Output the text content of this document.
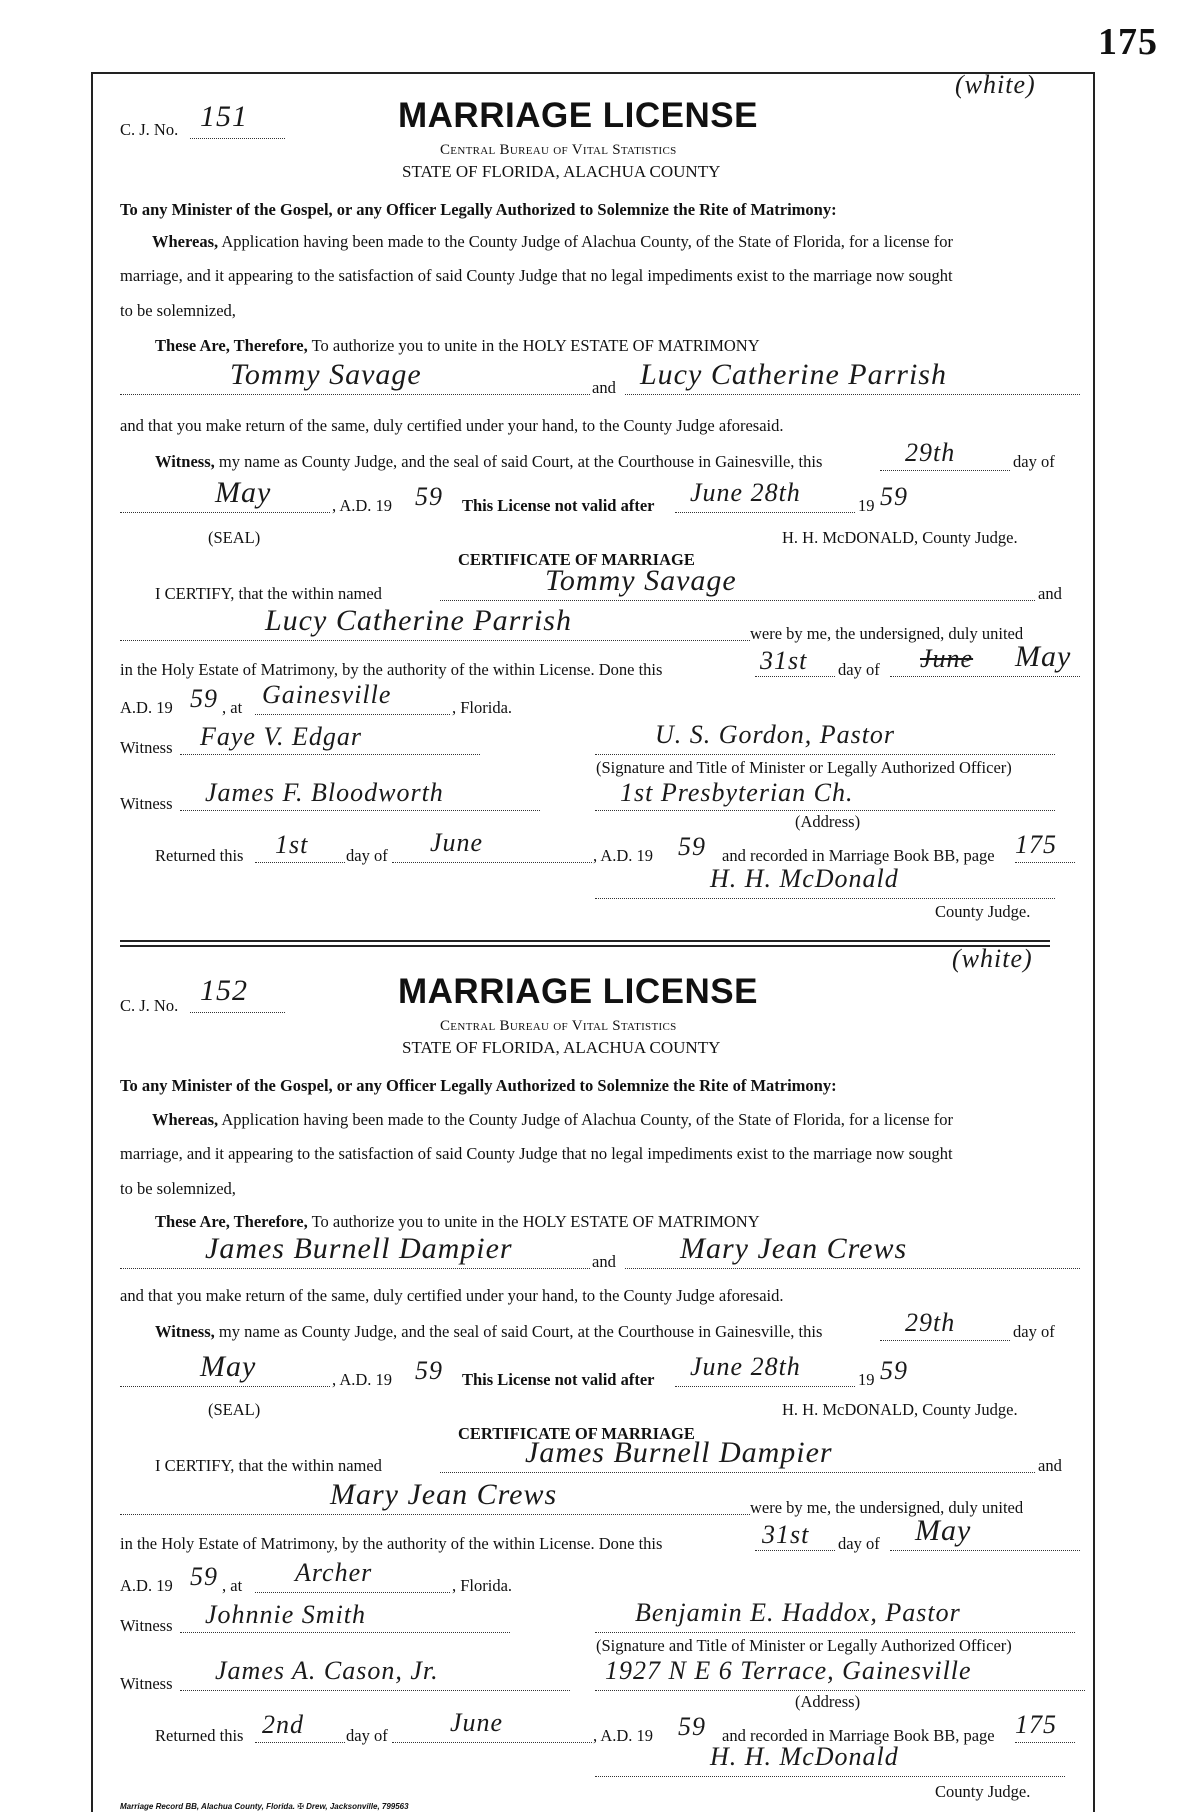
175
(white)
C. J. No. 151	MARRIAGE LICENSE
Central Bureau of Vital Statistics
STATE OF FLORIDA, ALACHUA COUNTY
To any Minister of the Gospel, or any Officer Legally Authorized to Solemnize the Rite of Matrimony:
Whereas, Application having been made to the County Judge of Alachua County, of the State of Florida, for a license for
marriage, and it appearing to the satisfaction of said County Judge that no legal impediments exist to the marriage now sought
to be solemnized,
These Are, Therefore, To authorize you to unite in the HOLY ESTATE OF MATRIMONY
Tommy Savage	and Lucy Catherine Parrish
and that you make return of the same, duly certified under your hand, to the County Judge aforesaid.
Witness, my name as County Judge, and the seal of said Court, at the Courthouse in Gainesville, this	29th	day of
May	, A.D. 19 59 This License not valid after June 28th	19 59
(SEAL)	H. H. McDONALD, County Judge.
CERTIFICATE OF MARRIAGE
I CERTIFY, that the within named	Tommy Savage	and
Lucy Catherine Parrish	were by me, the undersigned, duly united
in the Holy Estate of Matrimony, by the authority of the within License. Done this	31st day of June May
A.D. 19 59 , at Gainesville	, Florida.
Witness Faye V. Edgar	U. S. Gordon, Pastor
(Signature and Title of Minister or Legally Authorized Officer)
Witness James F. Bloodworth	1st Presbyterian Ch.
(Address)
Returned this 1st day of June	, A.D. 19 59 and recorded in Marriage Book BB, page 175
H. H. McDonald
County Judge.
(white)
C. J. No. 152	MARRIAGE LICENSE
Central Bureau of Vital Statistics
STATE OF FLORIDA, ALACHUA COUNTY
To any Minister of the Gospel, or any Officer Legally Authorized to Solemnize the Rite of Matrimony:
Whereas, Application having been made to the County Judge of Alachua County, of the State of Florida, for a license for
marriage, and it appearing to the satisfaction of said County Judge that no legal impediments exist to the marriage now sought
to be solemnized,
These Are, Therefore, To authorize you to unite in the HOLY ESTATE OF MATRIMONY
James Burnell Dampier	and Mary Jean Crews
and that you make return of the same, duly certified under your hand, to the County Judge aforesaid.
Witness, my name as County Judge, and the seal of said Court, at the Courthouse in Gainesville, this	29th	day of
May	, A.D. 19 59 This License not valid after June 28th	19 59
(SEAL)	H. H. McDONALD, County Judge.
CERTIFICATE OF MARRIAGE
I CERTIFY, that the within named	James Burnell Dampier	and
Mary Jean Crews	were by me, the undersigned, duly united
in the Holy Estate of Matrimony, by the authority of the within License. Done this	31st day of May
A.D. 19 59 , at Archer	, Florida.
Witness Johnnie Smith	Benjamin E. Haddox, Pastor
(Signature and Title of Minister or Legally Authorized Officer)
Witness James A. Cason, Jr.	1927 N E 6 Terrace, Gainesville
(Address)
Returned this 2nd	day of June	, A.D. 19 59 and recorded in Marriage Book BB, page 175
H. H. McDonald
County Judge.
Marriage Record BB, Alachua County, Florida. ✠ Drew, Jacksonville, 799563
